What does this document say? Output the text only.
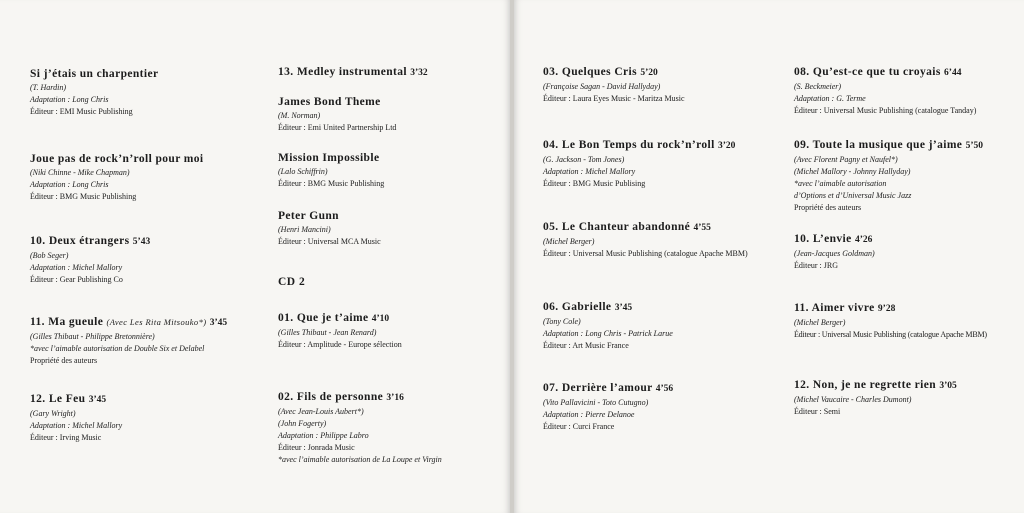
Si j’étais un charpentier
(T. Hardin)
Adaptation : Long Chris
Éditeur : EMI Music Publishing
Joue pas de rock’n’roll pour moi
(Niki Chinne - Mike Chapman)
Adaptation : Long Chris
Éditeur : BMG Music Publishing
10. Deux étrangers 5’43
(Bob Seger)
Adaptation : Michel Mallory
Éditeur : Gear Publishing Co
11. Ma gueule (Avec Les Rita Mitsouko*) 3’45
(Gilles Thibaut - Philippe Bretonnière)
*avec l’aimable autorisation de Double Six et Delabel
Propriété des auteurs
12. Le Feu 3’45
(Gary Wright)
Adaptation : Michel Mallory
Éditeur : Irving Music
13. Medley instrumental 3’32
James Bond Theme
(M. Norman)
Éditeur : Emi United Partnership Ltd
Mission Impossible
(Lalo Schiffrin)
Éditeur : BMG Music Publishing
Peter Gunn
(Henri Mancini)
Éditeur : Universal MCA Music
CD 2
01. Que je t’aime 4’10
(Gilles Thibaut - Jean Renard)
Éditeur : Amplitude - Europe sélection
02. Fils de personne 3’16
(Avec Jean-Louis Aubert*)
(John Fogerty)
Adaptation : Philippe Labro
Éditeur : Jonrada Music
*avec l’aimable autorisation de La Loupe et Virgin
03. Quelques Cris 5’20
(Françoise Sagan - David Hallyday)
Éditeur : Laura Eyes Music - Maritza Music
04. Le Bon Temps du rock’n’roll 3’20
(G. Jackson - Tom Jones)
Adaptation : Michel Mallory
Éditeur : BMG Music Publising
05. Le Chanteur abandonné 4’55
(Michel Berger)
Éditeur : Universal Music Publishing (catalogue Apache MBM)
06. Gabrielle 3’45
(Tony Cole)
Adaptation : Long Chris - Patrick Larue
Éditeur : Art Music France
07. Derrière l’amour 4’56
(Vito Pallavicini - Toto Cutugno)
Adaptation : Pierre Delanoe
Éditeur : Curci France
08. Qu’est-ce que tu croyais 6’44
(S. Beckmeier)
Adaptation : G. Terme
Éditeur : Universal Music Publishing (catalogue Tanday)
09. Toute la musique que j’aime 5’50
(Avec Florent Pagny et Naufel*)
(Michel Mallory - Johnny Hallyday)
*avec l’aimable autorisation
d’Options et d’Universal Music Jazz
Propriété des auteurs
10. L’envie 4’26
(Jean-Jacques Goldman)
Éditeur : JRG
11. Aimer vivre 9’28
(Michel Berger)
Éditeur : Universal Music Publishing (catalogue Apache MBM)
12. Non, je ne regrette rien 3’05
(Michel Vaucaire - Charles Dumont)
Éditeur : Semi
